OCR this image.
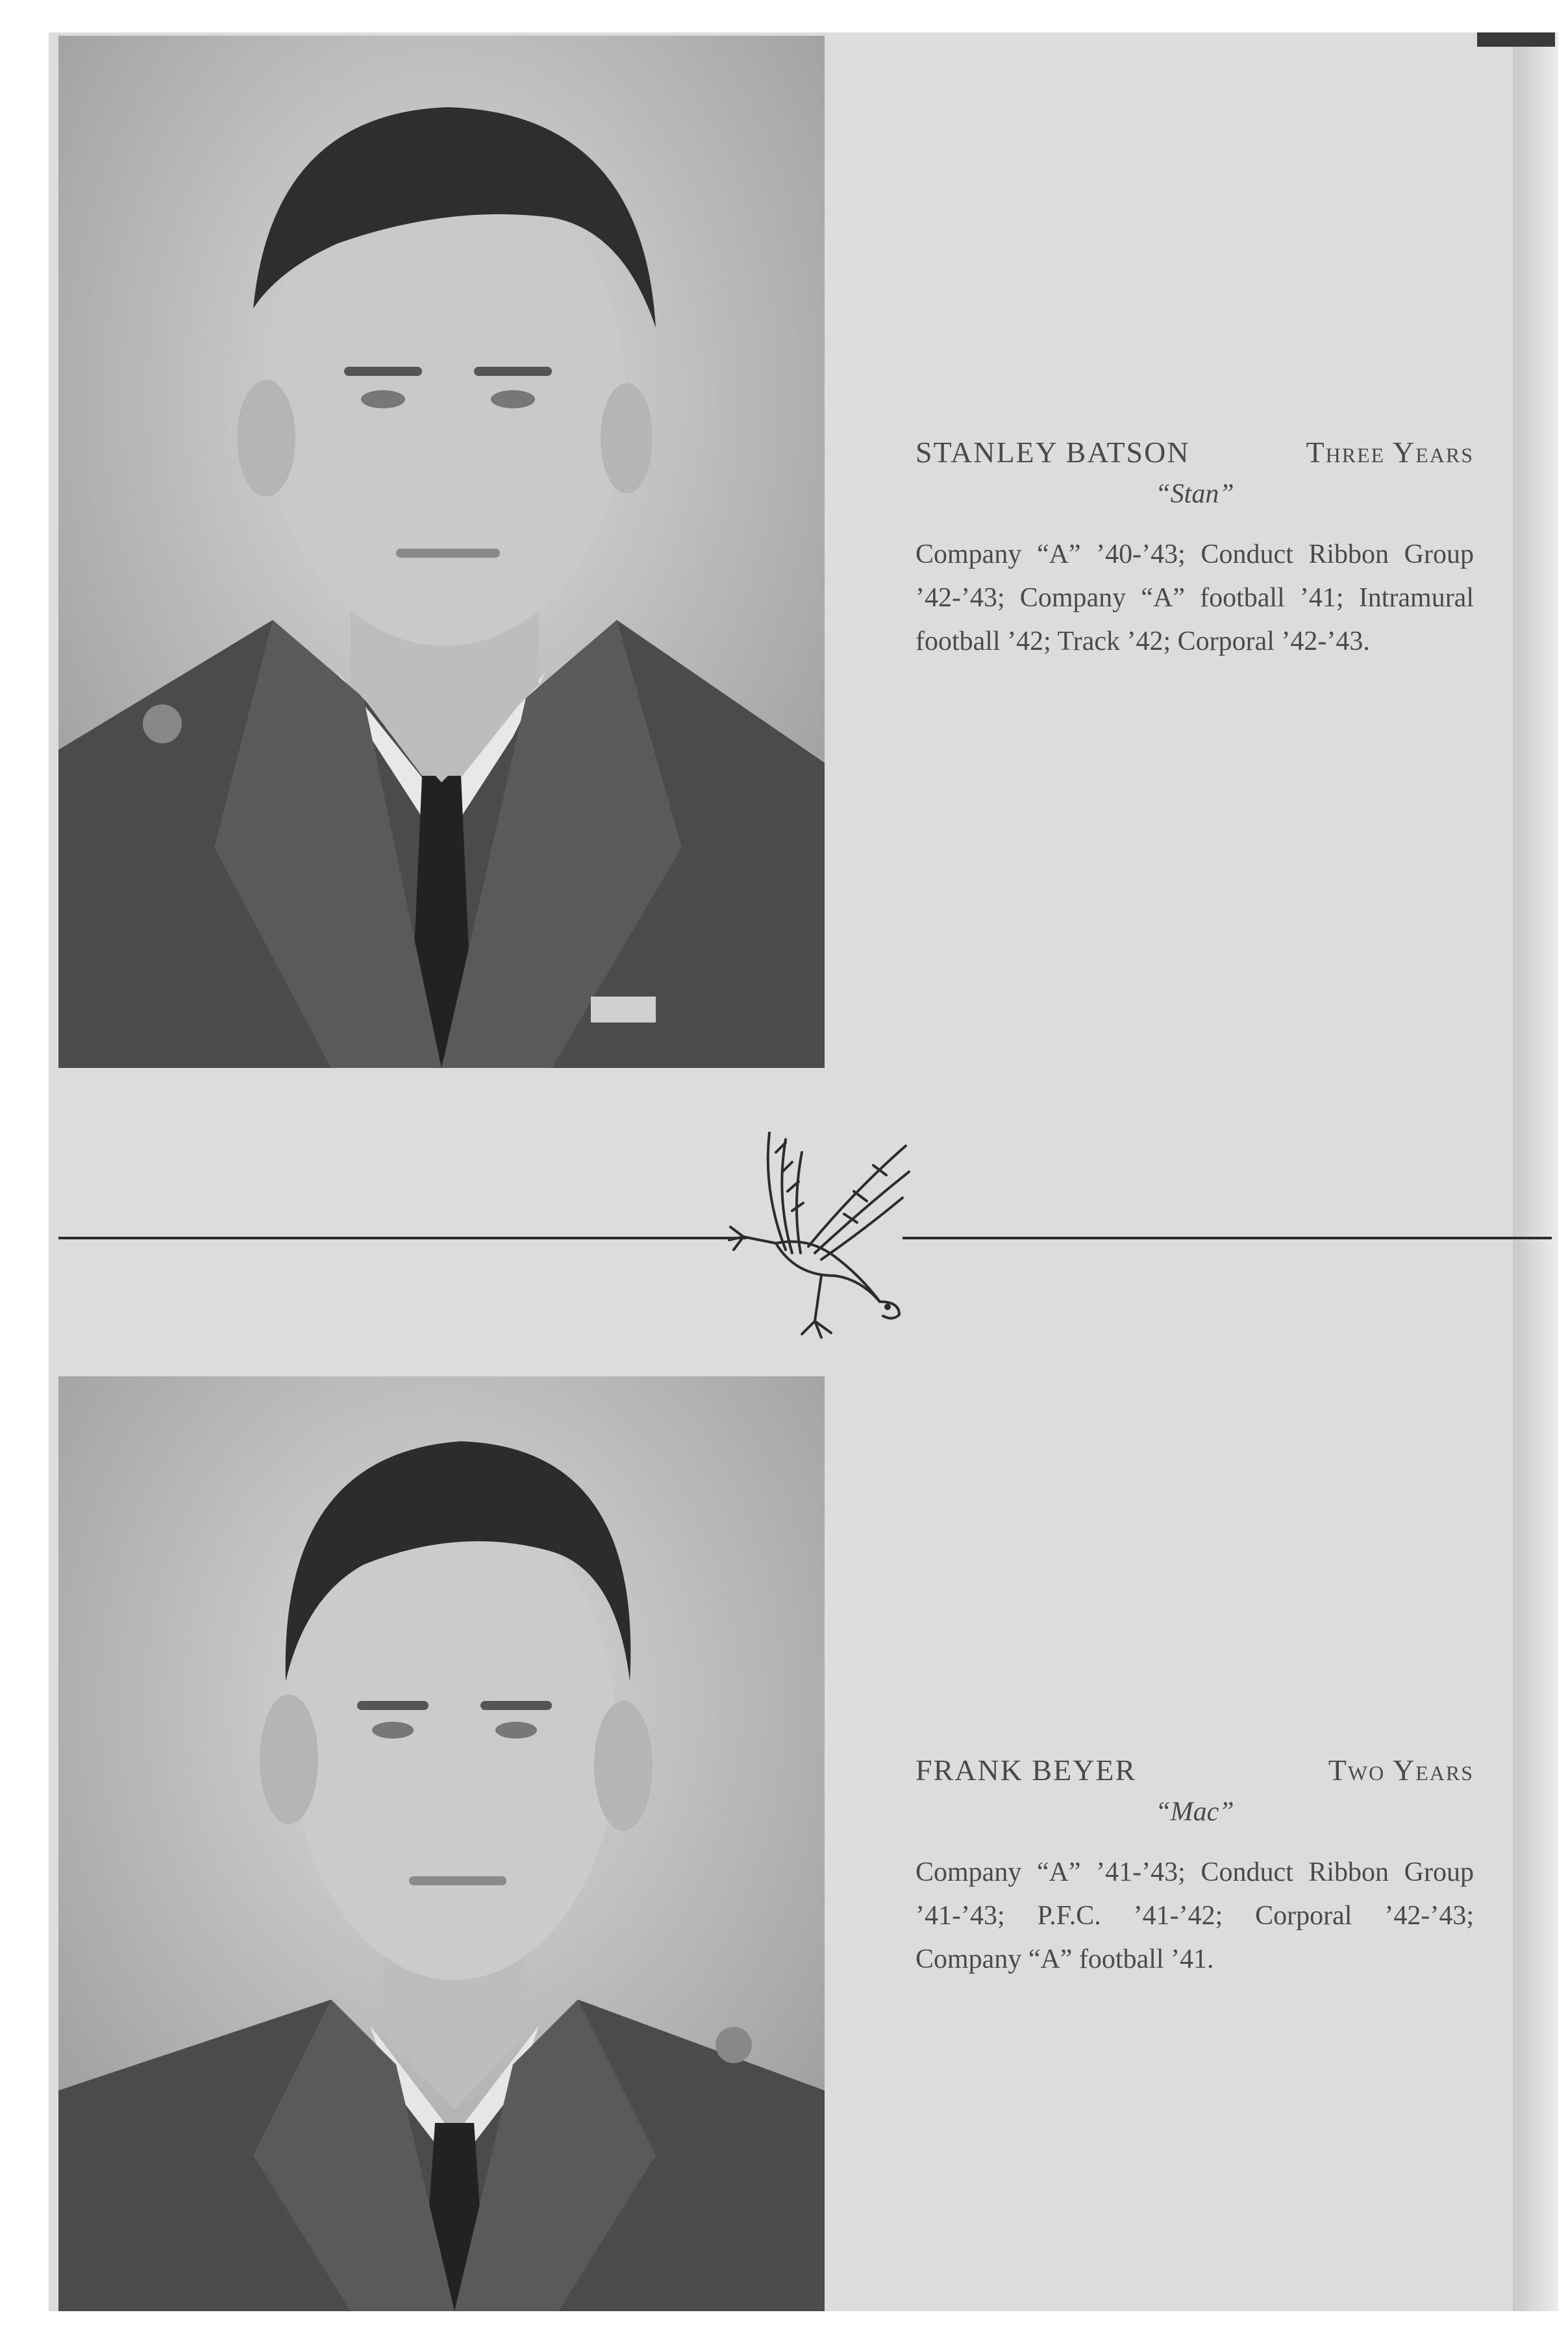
STANLEY BATSON	Three Years
“Stan”

Company “A” ’40-’43; Conduct Ribbon Group ’42-’43; Company “A” football ’41; Intramural football ’42; Track ’42; Corporal ’42-’43.

FRANK BEYER	Two Years
“Mac”

Company “A” ’41-’43; Conduct Ribbon Group ’41-’43; P.F.C. ’41-’42; Corporal ’42-’43; Company “A” football ’41.
